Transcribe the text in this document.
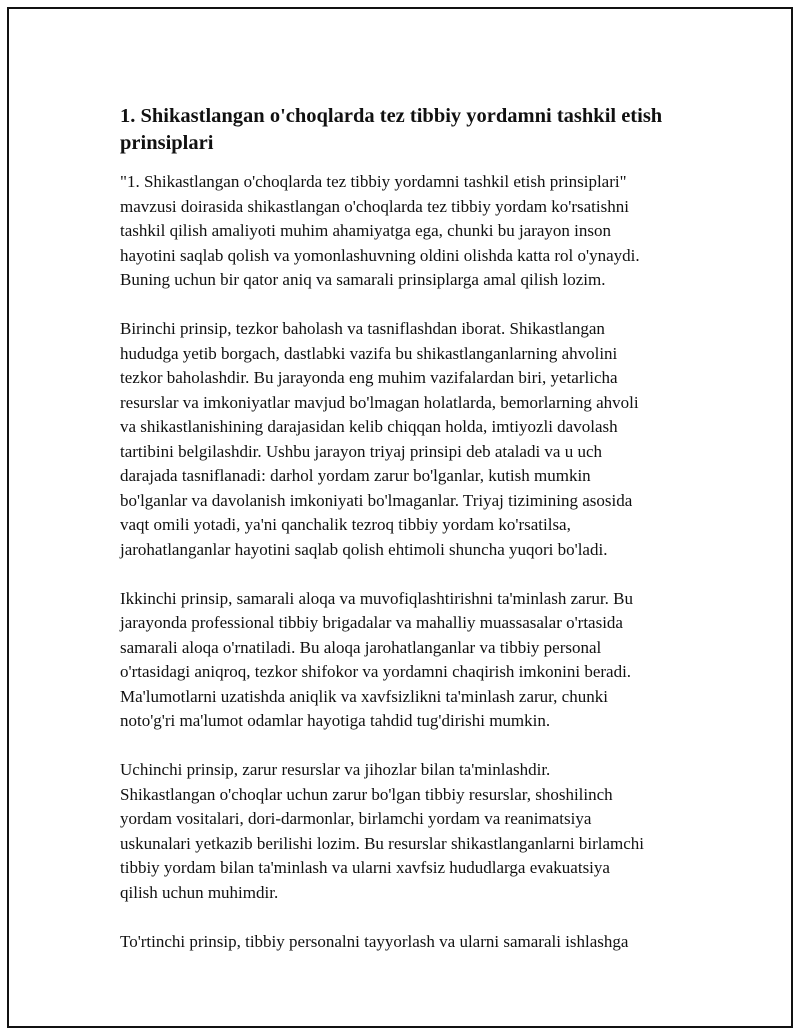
1. Shikastlangan o'choqlarda tez tibbiy yordamni tashkil etish prinsiplari

"1. Shikastlangan o'choqlarda tez tibbiy yordamni tashkil etish prinsiplari"
mavzusi doirasida shikastlangan o'choqlarda tez tibbiy yordam ko'rsatishni
tashkil qilish amaliyoti muhim ahamiyatga ega, chunki bu jarayon inson
hayotini saqlab qolish va yomonlashuvning oldini olishda katta rol o'ynaydi.
Buning uchun bir qator aniq va samarali prinsiplarga amal qilish lozim.

Birinchi prinsip, tezkor baholash va tasniflashdan iborat. Shikastlangan
hududga yetib borgach, dastlabki vazifa bu shikastlanganlarning ahvolini
tezkor baholashdir. Bu jarayonda eng muhim vazifalardan biri, yetarlicha
resurslar va imkoniyatlar mavjud bo'lmagan holatlarda, bemorlarning ahvoli
va shikastlanishining darajasidan kelib chiqqan holda, imtiyozli davolash
tartibini belgilashdir. Ushbu jarayon triyaj prinsipi deb ataladi va u uch
darajada tasniflanadi: darhol yordam zarur bo'lganlar, kutish mumkin
bo'lganlar va davolanish imkoniyati bo'lmaganlar. Triyaj tizimining asosida
vaqt omili yotadi, ya'ni qanchalik tezroq tibbiy yordam ko'rsatilsa,
jarohatlanganlar hayotini saqlab qolish ehtimoli shuncha yuqori bo'ladi.

Ikkinchi prinsip, samarali aloqa va muvofiqlashtirishni ta'minlash zarur. Bu
jarayonda professional tibbiy brigadalar va mahalliy muassasalar o'rtasida
samarali aloqa o'rnatiladi. Bu aloqa jarohatlanganlar va tibbiy personal
o'rtasidagi aniqroq, tezkor shifokor va yordamni chaqirish imkonini beradi.
Ma'lumotlarni uzatishda aniqlik va xavfsizlikni ta'minlash zarur, chunki
noto'g'ri ma'lumot odamlar hayotiga tahdid tug'dirishi mumkin.

Uchinchi prinsip, zarur resurslar va jihozlar bilan ta'minlashdir.
Shikastlangan o'choqlar uchun zarur bo'lgan tibbiy resurslar, shoshilinch
yordam vositalari, dori-darmonlar, birlamchi yordam va reanimatsiya
uskunalari yetkazib berilishi lozim. Bu resurslar shikastlanganlarni birlamchi
tibbiy yordam bilan ta'minlash va ularni xavfsiz hududlarga evakuatsiya
qilish uchun muhimdir.

To'rtinchi prinsip, tibbiy personalni tayyorlash va ularni samarali ishlashga
